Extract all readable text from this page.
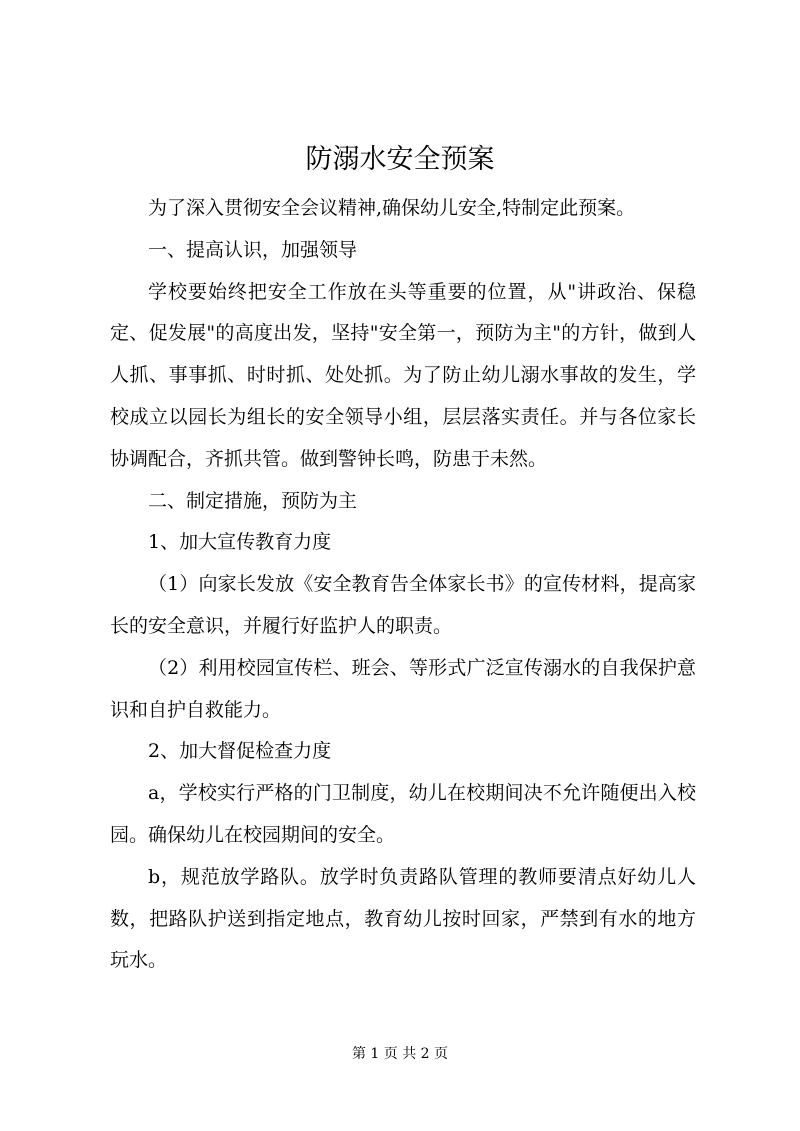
防溺水安全预案

为了深入贯彻安全会议精神,确保幼儿安全,特制定此预案。

一、提高认识，加强领导

学校要始终把安全工作放在头等重要的位置，从"讲政治、保稳定、促发展"的高度出发，坚持"安全第一，预防为主"的方针，做到人人抓、事事抓、时时抓、处处抓。为了防止幼儿溺水事故的发生，学校成立以园长为组长的安全领导小组，层层落实责任。并与各位家长协调配合，齐抓共管。做到警钟长鸣，防患于未然。

二、制定措施，预防为主

1、加大宣传教育力度

（1）向家长发放《安全教育告全体家长书》的宣传材料，提高家长的安全意识，并履行好监护人的职责。

（2）利用校园宣传栏、班会、等形式广泛宣传溺水的自我保护意识和自护自救能力。

2、加大督促检查力度

a，学校实行严格的门卫制度，幼儿在校期间决不允许随便出入校园。确保幼儿在校园期间的安全。

b，规范放学路队。放学时负责路队管理的教师要清点好幼儿人数，把路队护送到指定地点，教育幼儿按时回家，严禁到有水的地方玩水。

第 1 页 共 2 页
